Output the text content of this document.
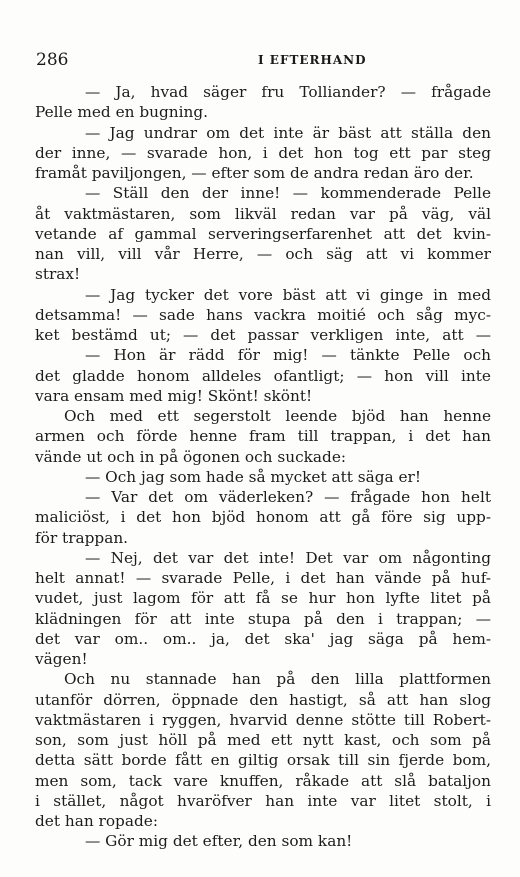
286	I EFTERHAND
— Ja, hvad säger fru Tolliander? — frågade
Pelle med en bugning.
— Jag undrar om det inte är bäst att ställa den
der inne, — svarade hon, i det hon tog ett par steg
framåt paviljongen, — efter som de andra redan äro der.
— Ställ den der inne! — kommenderade Pelle
åt vaktmästaren, som likväl redan var på väg, väl
vetande af gammal serveringserfarenhet att det kvin-
nan vill, vill vår Herre, — och säg att vi kommer
strax!
— Jag tycker det vore bäst att vi ginge in med
detsamma! — sade hans vackra moitié och såg myc-
ket bestämd ut; — det passar verkligen inte, att —
— Hon är rädd för mig! — tänkte Pelle och
det gladde honom alldeles ofantligt; — hon vill inte
vara ensam med mig! Skönt! skönt!
Och med ett segerstolt leende bjöd han henne
armen och förde henne fram till trappan, i det han
vände ut och in på ögonen och suckade:
— Och jag som hade så mycket att säga er!
— Var det om väderleken? — frågade hon helt
maliciöst, i det hon bjöd honom att gå före sig upp-
för trappan.
— Nej, det var det inte! Det var om någonting
helt annat! — svarade Pelle, i det han vände på huf-
vudet, just lagom för att få se hur hon lyfte litet på
klädningen för att inte stupa på den i trappan; —
det var om.. om.. ja, det ska' jag säga på hem-
vägen!
Och nu stannade han på den lilla plattformen
utanför dörren, öppnade den hastigt, så att han slog
vaktmästaren i ryggen, hvarvid denne stötte till Robert-
son, som just höll på med ett nytt kast, och som på
detta sätt borde fått en giltig orsak till sin fjerde bom,
men som, tack vare knuffen, råkade att slå bataljon
i stället, något hvaröfver han inte var litet stolt, i
det han ropade:
— Gör mig det efter, den som kan!
